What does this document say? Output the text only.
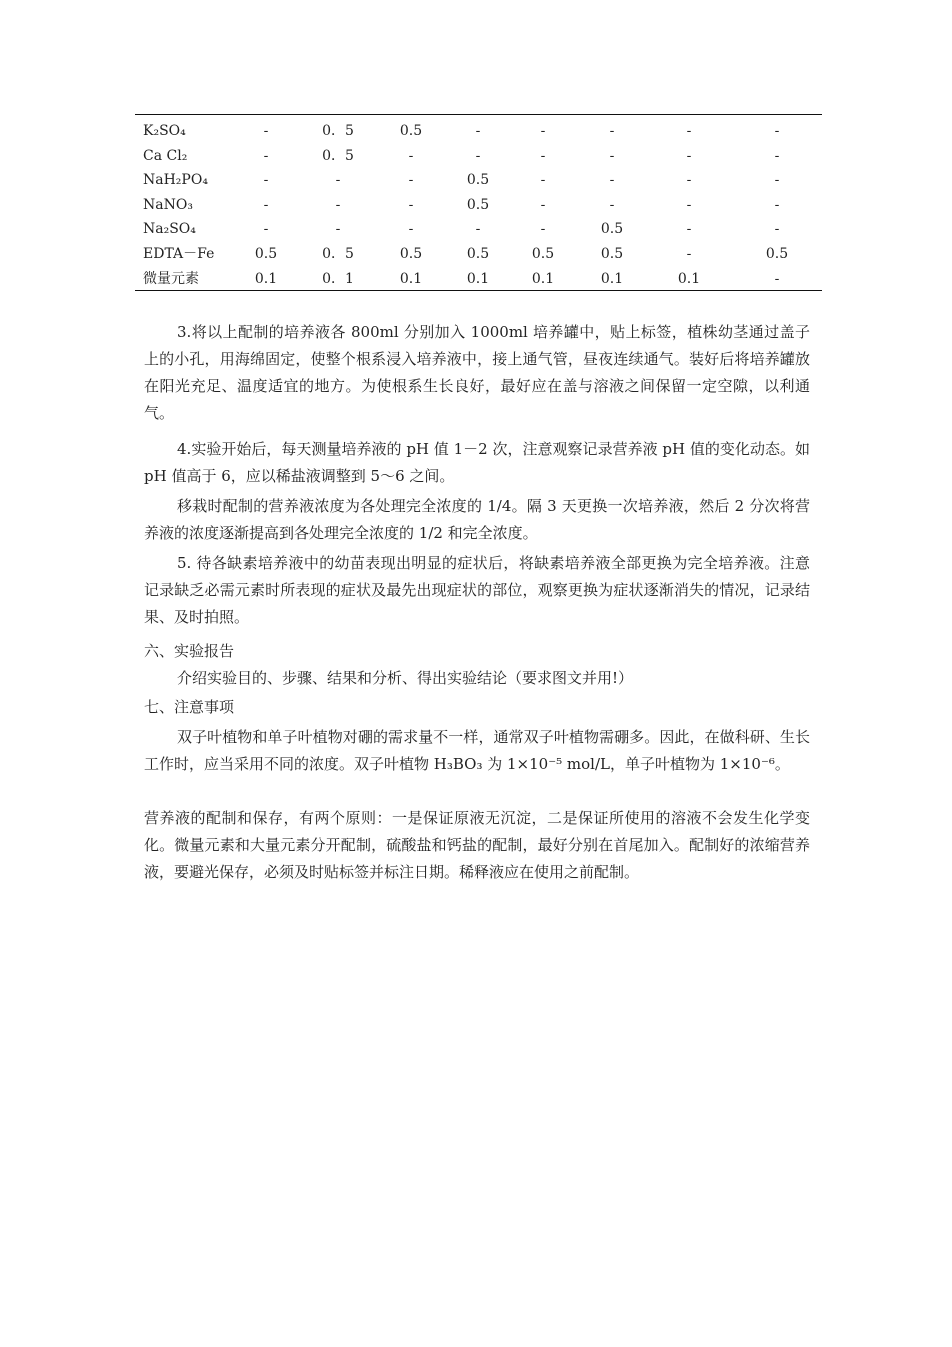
K₂SO₄	-	0．5	0.5	-	-	-	-	-
Ca Cl₂	-	0．5	-	-	-	-	-	-
NaH₂PO₄	-	-	-	0.5	-	-	-	-
NaNO₃	-	-	-	0.5	-	-	-	-
Na₂SO₄	-	-	-	-	-	0.5	-	-
EDTA－Fe	0.5	0．5	0.5	0.5	0.5	0.5	-	0.5
微量元素	0.1	0．1	0.1	0.1	0.1	0.1	0.1	-

3.将以上配制的培养液各 800ml 分别加入 1000ml 培养罐中，贴上标签，植株幼茎通过盖子上的小孔，用海绵固定，使整个根系浸入培养液中，接上通气管，昼夜连续通气。装好后将培养罐放在阳光充足、温度适宜的地方。为使根系生长良好，最好应在盖与溶液之间保留一定空隙，以利通气。

4.实验开始后，每天测量培养液的 pH 值 1－2 次，注意观察记录营养液 pH 值的变化动态。如 pH 值高于 6，应以稀盐液调整到 5～6 之间。

移栽时配制的营养液浓度为各处理完全浓度的 1/4。隔 3 天更换一次培养液，然后 2 分次将营养液的浓度逐渐提高到各处理完全浓度的 1/2 和完全浓度。

5. 待各缺素培养液中的幼苗表现出明显的症状后，将缺素培养液全部更换为完全培养液。注意记录缺乏必需元素时所表现的症状及最先出现症状的部位，观察更换为症状逐渐消失的情况，记录结果、及时拍照。

六、实验报告

介绍实验目的、步骤、结果和分析、得出实验结论（要求图文并用!）

七、注意事项

双子叶植物和单子叶植物对硼的需求量不一样，通常双子叶植物需硼多。因此，在做科研、生长工作时，应当采用不同的浓度。双子叶植物 H₃BO₃ 为 1×10⁻⁵ mol/L，单子叶植物为 1×10⁻⁶。

营养液的配制和保存，有两个原则：一是保证原液无沉淀，二是保证所使用的溶液不会发生化学变化。微量元素和大量元素分开配制，硫酸盐和钙盐的配制，最好分别在首尾加入。配制好的浓缩营养液，要避光保存，必须及时贴标签并标注日期。稀释液应在使用之前配制。
